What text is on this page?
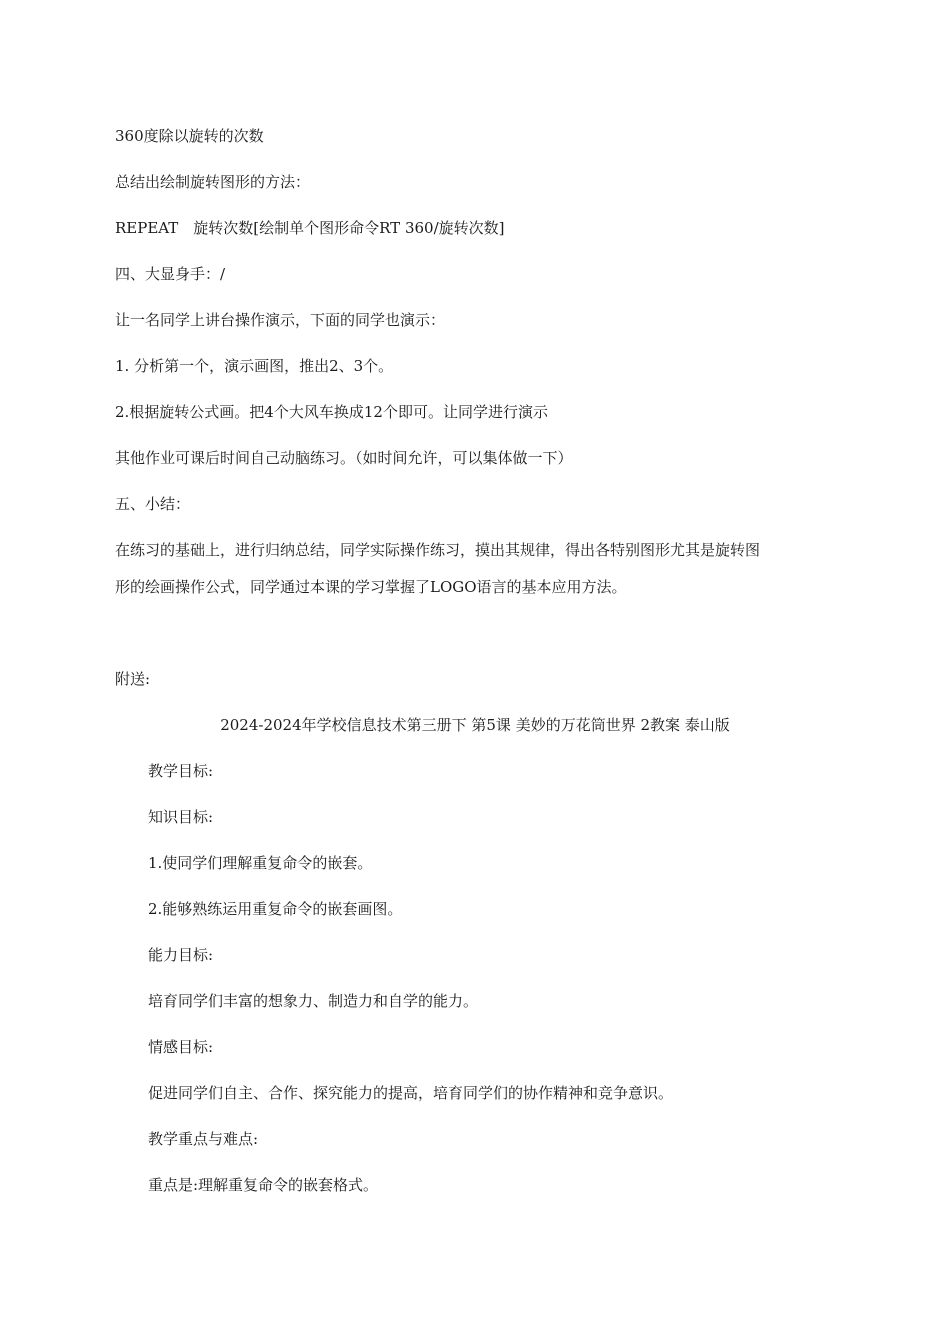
360度除以旋转的次数
总结出绘制旋转图形的方法：
REPEAT　旋转次数[绘制单个图形命令RT 360/旋转次数]
四、大显身手：/
让一名同学上讲台操作演示，下面的同学也演示：
1. 分析第一个，演示画图，推出2、3个。
2.根据旋转公式画。把4个大风车换成12个即可。让同学进行演示
其他作业可课后时间自己动脑练习。（如时间允许，可以集体做一下）
五、小结：
在练习的基础上，进行归纳总结，同学实际操作练习，摸出其规律，得出各特别图形尤其是旋转图
形的绘画操作公式，同学通过本课的学习掌握了LOGO语言的基本应用方法。
附送:
2024-2024年学校信息技术第三册下 第5课 美妙的万花筒世界 2教案 泰山版
教学目标:
知识目标:
1.使同学们理解重复命令的嵌套。
2.能够熟练运用重复命令的嵌套画图。
能力目标:
培育同学们丰富的想象力、制造力和自学的能力。
情感目标:
促进同学们自主、合作、探究能力的提高，培育同学们的协作精神和竞争意识。
教学重点与难点:
重点是:理解重复命令的嵌套格式。
